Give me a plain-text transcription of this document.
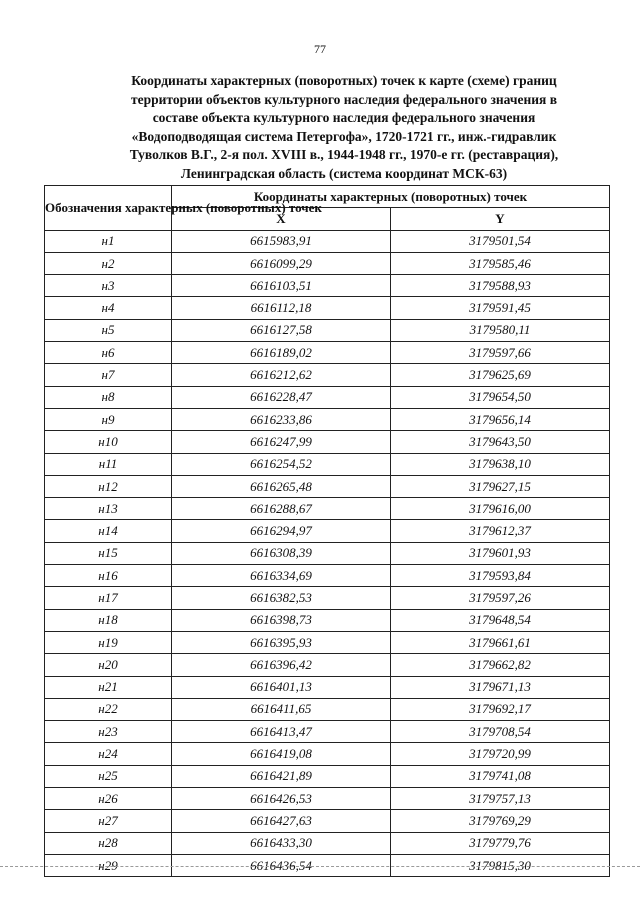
77
Координаты характерных (поворотных) точек к карте (схеме) границ
территории объектов культурного наследия федерального значения в
составе объекта культурного наследия федерального значения
«Водоподводящая система Петергофа», 1720-1721 гг., инж.-гидравлик
Туволков В.Г., 2-я пол. XVIII в., 1944-1948 гг., 1970-е гг. (реставрация),
Ленинградская область (система координат МСК-63)
Обозначения характерных (поворотных) точек	Координаты характерных (поворотных) точек	
	X	Y
н1	6615983,91	3179501,54
н2	6616099,29	3179585,46
н3	6616103,51	3179588,93
н4	6616112,18	3179591,45
н5	6616127,58	3179580,11
н6	6616189,02	3179597,66
н7	6616212,62	3179625,69
н8	6616228,47	3179654,50
н9	6616233,86	3179656,14
н10	6616247,99	3179643,50
н11	6616254,52	3179638,10
н12	6616265,48	3179627,15
н13	6616288,67	3179616,00
н14	6616294,97	3179612,37
н15	6616308,39	3179601,93
н16	6616334,69	3179593,84
н17	6616382,53	3179597,26
н18	6616398,73	3179648,54
н19	6616395,93	3179661,61
н20	6616396,42	3179662,82
н21	6616401,13	3179671,13
н22	6616411,65	3179692,17
н23	6616413,47	3179708,54
н24	6616419,08	3179720,99
н25	6616421,89	3179741,08
н26	6616426,53	3179757,13
н27	6616427,63	3179769,29
н28	6616433,30	3179779,76
н29	6616436,54	3179815,30
